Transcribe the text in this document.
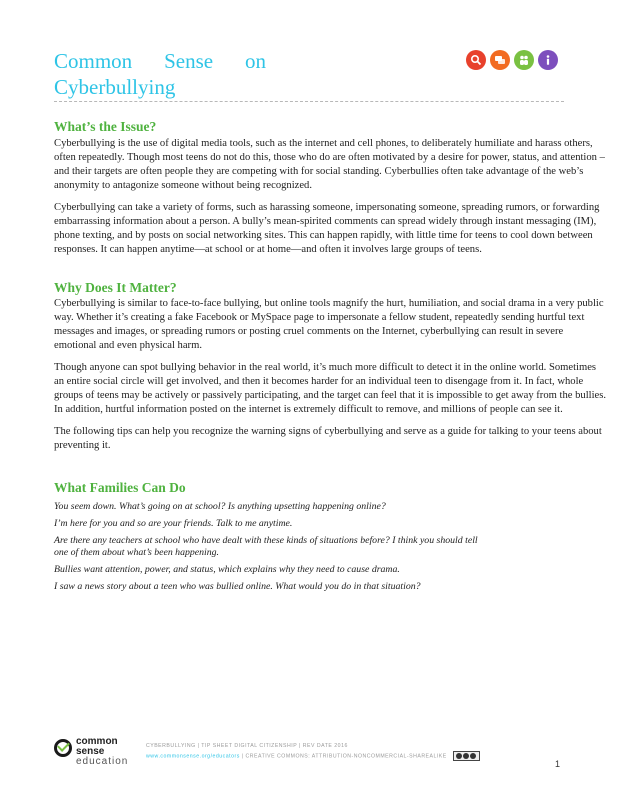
Common Sense on
Cyberbullying
What’s the Issue?

Cyberbullying is the use of digital media tools, such as the internet and cell phones, to deliberately humiliate and harass others, often repeatedly. Though most teens do not do this, those who do are often motivated by a desire for power, status, and attention – and their targets are often people they are competing with for social standing. Cyberbullies often take advantage of the web’s anonymity to antagonize someone without being recognized.

Cyberbullying can take a variety of forms, such as harassing someone, impersonating someone, spreading rumors, or forwarding embarrassing information about a person. A bully’s mean-spirited comments can spread widely through instant messaging (IM), phone texting, and by posts on social networking sites. This can happen rapidly, with little time for teens to cool down between responses. It can happen anytime—at school or at home—and often it involves large groups of teens.

Why Does It Matter?

Cyberbullying is similar to face-to-face bullying, but online tools magnify the hurt, humiliation, and social drama in a very public way. Whether it’s creating a fake Facebook or MySpace page to impersonate a fellow student, repeatedly sending hurtful text messages and images, or spreading rumors or posting cruel comments on the Internet, cyberbullying can result in severe emotional and even physical harm.

Though anyone can spot bullying behavior in the real world, it’s much more difficult to detect it in the online world. Sometimes an entire social circle will get involved, and then it becomes harder for an individual teen to disengage from it. In fact, whole groups of teens may be actively or passively participating, and the target can feel that it is impossible to get away from the bullies. In addition, hurtful information posted on the internet is extremely difficult to remove, and millions of people can see it.

The following tips can help you recognize the warning signs of cyberbullying and serve as a guide for talking to your teens about preventing it.

What Families Can Do

You seem down. What’s going on at school? Is anything upsetting happening online?

I’m here for you and so are your friends. Talk to me anytime.

Are there any teachers at school who have dealt with these kinds of situations before? I think you should tell one of them about what’s been happening.

Bullies want attention, power, and status, which explains why they need to cause drama.

I saw a news story about a teen who was bullied online. What would you do in that situation?

common
sense
education
CYBERBULLYING | TIP SHEET DIGITAL CITIZENSHIP | REV DATE 2016
www.commonsense.org/educators | CREATIVE COMMONS: ATTRIBUTION-NONCOMMERCIAL-SHAREALIKE
1
